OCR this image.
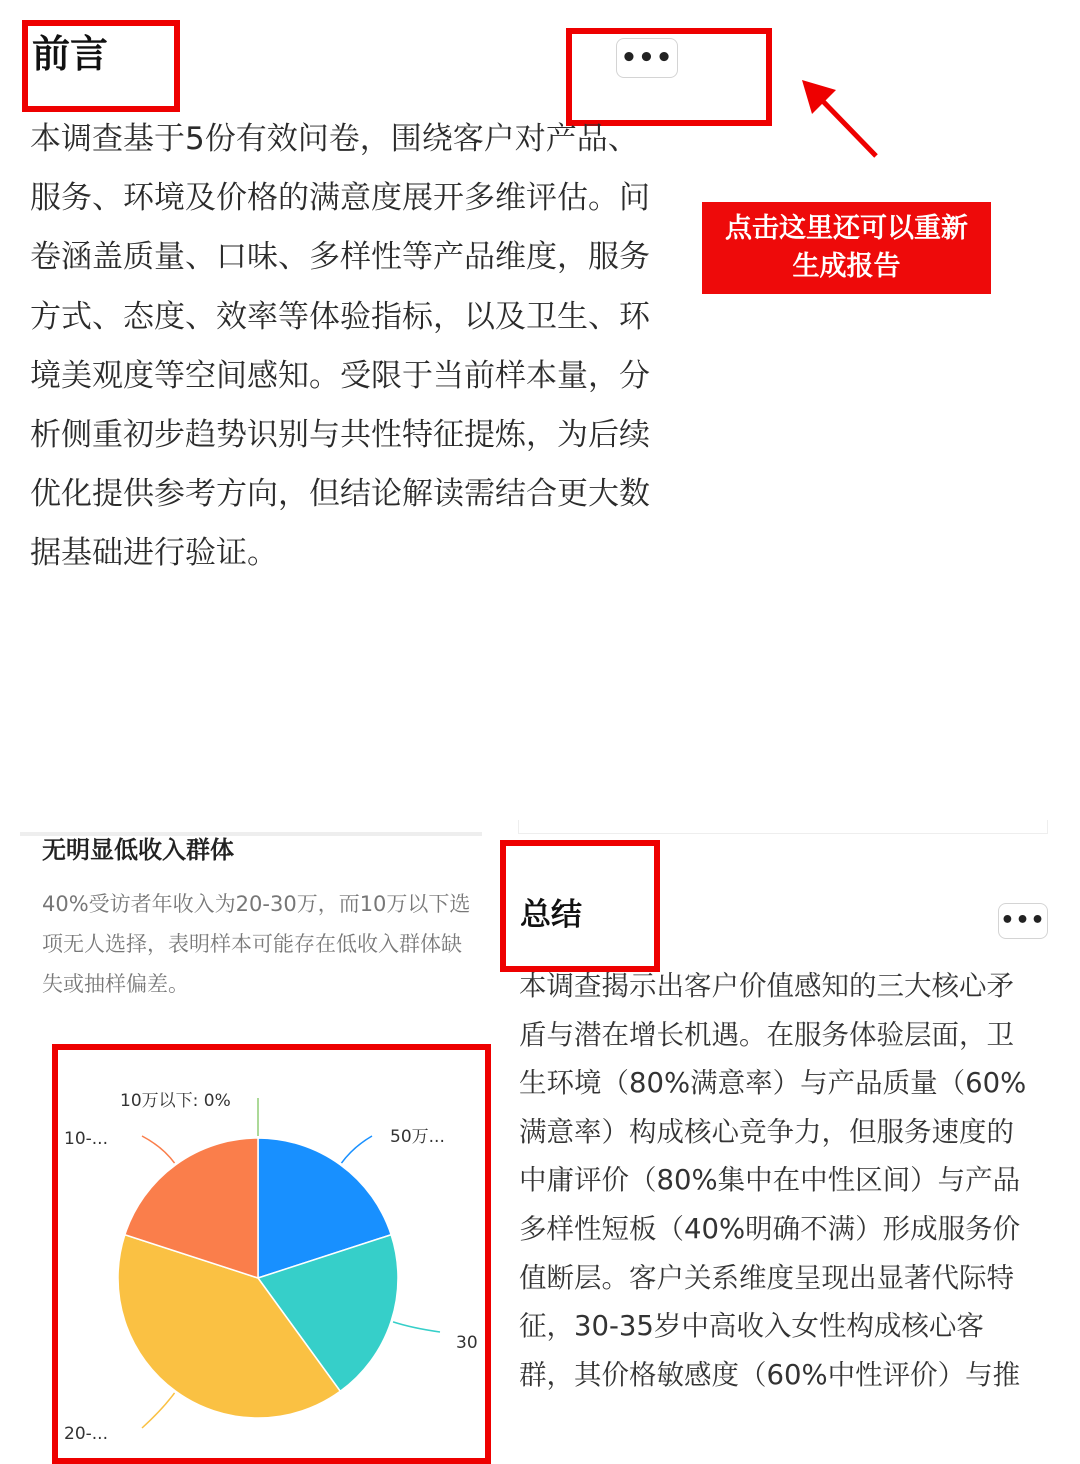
前言	•••
点击这里还可以重新生成报告
本调查基于5份有效问卷，围绕客户对产品、服务、环境及价格的满意度展开多维评估。问卷涵盖质量、口味、多样性等产品维度，服务方式、态度、效率等体验指标，以及卫生、环境美观度等空间感知。受限于当前样本量，分析侧重初步趋势识别与共性特征提炼，为后续优化提供参考方向，但结论解读需结合更大数据基础进行验证。
无明显低收入群体
40%受访者年收入为20-30万，而10万以下选项无人选择，表明样本可能存在低收入群体缺失或抽样偏差。
10万以下: 0%
50万...
30
20-...
10-...
总结	•••
本调查揭示出客户价值感知的三大核心矛盾与潜在增长机遇。在服务体验层面，卫生环境（80%满意率）与产品质量（60%满意率）构成核心竞争力，但服务速度的中庸评价（80%集中在中性区间）与产品多样性短板（40%明确不满）形成服务价值断层。客户关系维度呈现出显著代际特征，30-35岁中高收入女性构成核心客群，其价格敏感度（60%中性评价）与推
